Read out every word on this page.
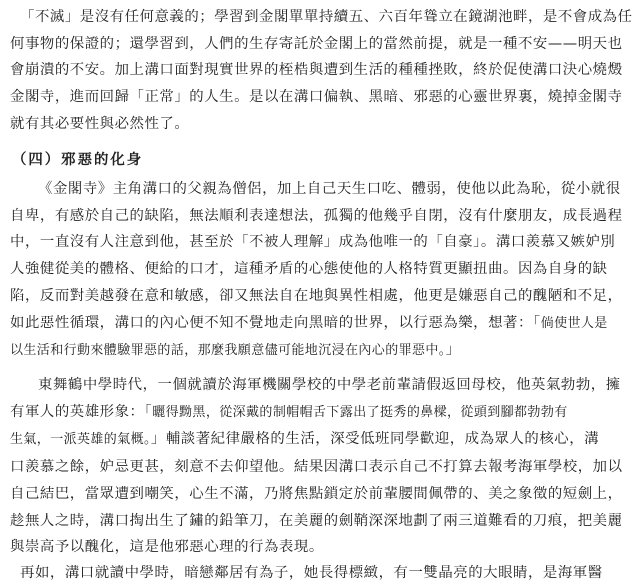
「不滅」是沒有任何意義的；學習到金閣單單持續五、六百年聳立在鏡湖池畔，是不會成為任
何事物的保證的；還學習到，人們的生存寄託於金閣上的當然前提，就是一種不安——明天也
會崩潰的不安。加上溝口面對現實世界的桎梏與遭到生活的種種挫敗，終於促使溝口決心燒燬
金閣寺，進而回歸「正常」的人生。是以在溝口偏執、黑暗、邪惡的心靈世界裏，燒掉金閣寺
就有其必要性與必然性了。
（四）邪惡的化身
《金閣寺》主角溝口的父親為僧侶，加上自己天生口吃、體弱，使他以此為恥，從小就很
自卑，有感於自己的缺陷，無法順利表達想法，孤獨的他幾乎自閉，沒有什麼朋友，成長過程
中，一直沒有人注意到他，甚至於「不被人理解」成為他唯一的「自豪」。溝口羨慕又嫉妒別
人強健從美的體格、便給的口才，這種矛盾的心態使他的人格特質更顯扭曲。因為自身的缺
陷，反而對美越發在意和敏感，卻又無法自在地與異性相處，他更是嫌惡自己的醜陋和不足，
如此惡性循環，溝口的內心便不知不覺地走向黑暗的世界，以行惡為樂，想著：「倘使世人是
以生活和行動來體驗罪惡的話，那麼我願意儘可能地沉浸在內心的罪惡中。」
東舞鶴中學時代，一個就讀於海軍機關學校的中學老前輩請假返回母校，他英氣勃勃，擁
有軍人的英雄形象：「曬得黝黑，從深戴的制帽帽舌下露出了挺秀的鼻樑，從頭到腳都勃勃有
生氣，一派英雄的氣概。」輔談著紀律嚴格的生活，深受低班同學歡迎，成為眾人的核心，溝
口羨慕之餘，妒忌更甚，刻意不去仰望他。結果因溝口表示自己不打算去報考海軍學校，加以
自己結巴，當眾遭到嘲笑，心生不滿，乃將焦點鎖定於前輩腰間佩帶的、美之象徵的短劍上，
趁無人之時，溝口掏出生了鏽的鉛筆刀，在美麗的劍鞘深深地劃了兩三道難看的刀痕，把美麗
與崇高予以醜化，這是他邪惡心理的行為表現。
再如，溝口就讀中學時，暗戀鄰居有為子，她長得標緻，有一雙晶亮的大眼睛，是海軍醫
